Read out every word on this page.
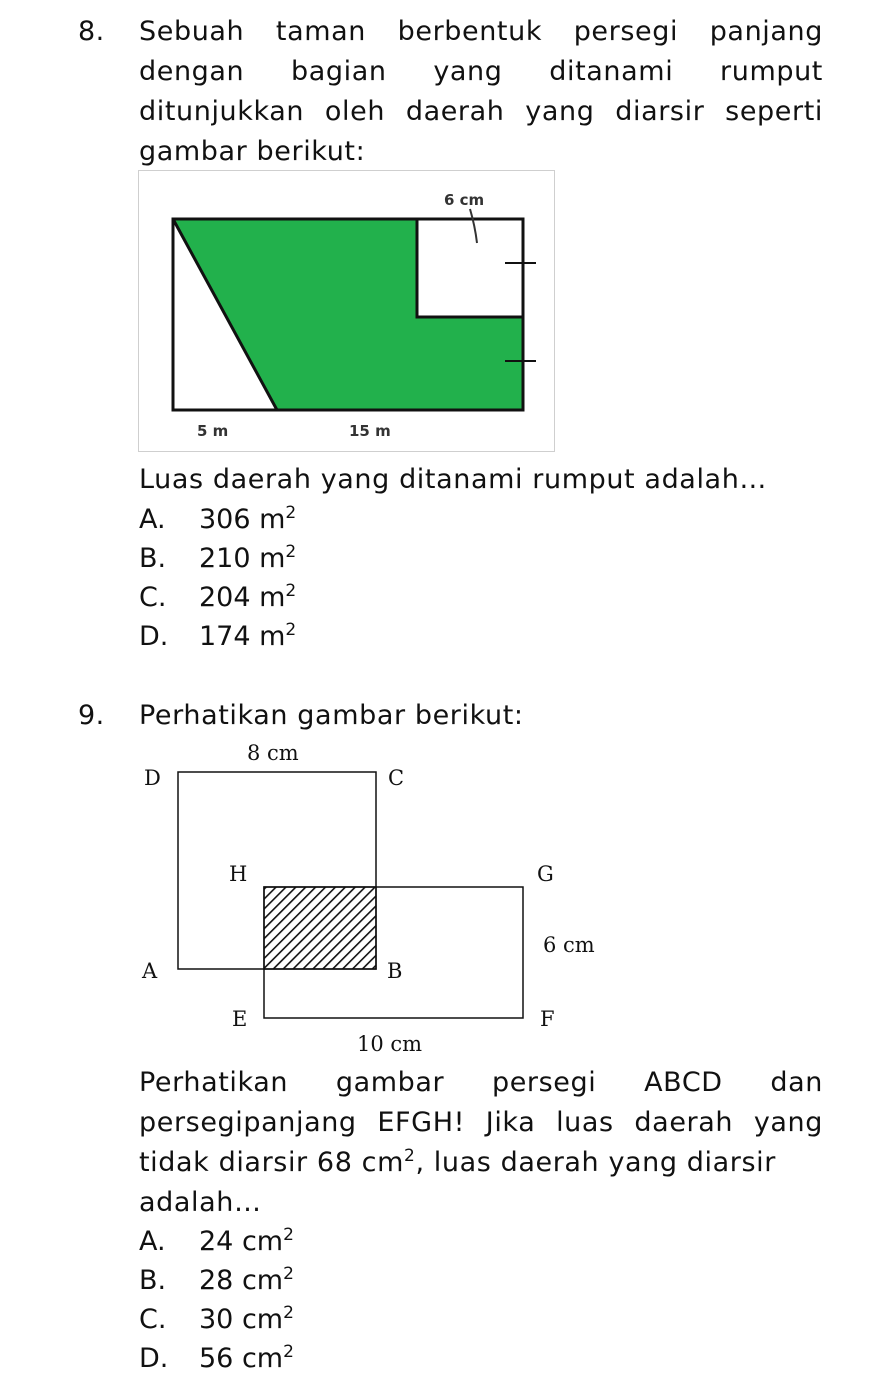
8. Sebuah taman berbentuk persegi panjang
dengan bagian yang ditanami rumput
ditunjukkan oleh daerah yang diarsir seperti
gambar berikut:
6 cm
5 m	15 m
Luas daerah yang ditanami rumput adalah…
A. 306 $m^2$
B. 210 $m^2$
C. 204 $m^2$
D. 174 $m^2$
9. Perhatikan gambar berikut:
D	C
H	G
A	B
E	F
8 cm
6 cm
10 cm
Perhatikan gambar persegi ABCD dan
persegipanjang EFGH! Jika luas daerah yang
tidak diarsir 68 $cm^2$, luas daerah yang diarsir
adalah…
A. 24 $cm^2$
B. 28 $cm^2$
C. 30 $cm^2$
D. 56 $cm^2$
